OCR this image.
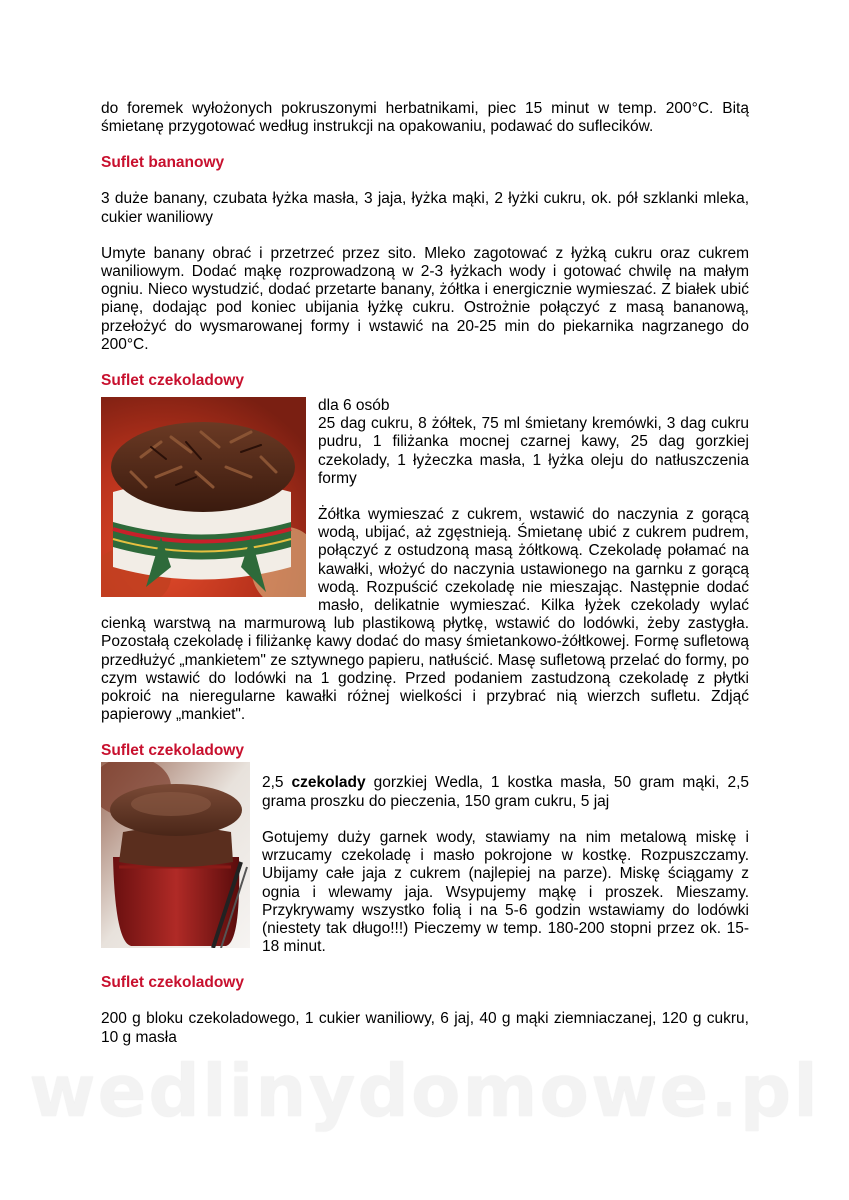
do foremek wyłożonych pokruszonymi herbatnikami, piec 15 minut w temp. 200°C. Bitą śmietanę przygotować według instrukcji na opakowaniu, podawać do suflecików.

Suflet bananowy

3 duże banany, czubata łyżka masła, 3 jaja, łyżka mąki, 2 łyżki cukru, ok. pół szklanki mleka, cukier waniliowy

Umyte banany obrać i przetrzeć przez sito. Mleko zagotować z łyżką cukru oraz cukrem waniliowym. Dodać mąkę rozprowadzoną w 2-3 łyżkach wody i gotować chwilę na małym ogniu. Nieco wystudzić, dodać przetarte banany, żółtka i energicznie wymieszać. Z białek ubić pianę, dodając pod koniec ubijania łyżkę cukru. Ostrożnie połączyć z masą bananową, przełożyć do wysmarowanej formy i wstawić na 20-25 min do piekarnika nagrzanego do 200°C.

Suflet czekoladowy

dla 6 osób

25 dag cukru, 8 żółtek, 75 ml śmietany kremówki, 3 dag cukru pudru, 1 filiżanka mocnej czarnej kawy, 25 dag gorzkiej czekolady, 1 łyżeczka masła, 1 łyżka oleju do natłuszczenia formy

Żółtka wymieszać z cukrem, wstawić do naczynia z gorącą wodą, ubijać, aż zgęstnieją. Śmietanę ubić z cukrem pudrem, połączyć z ostudzoną masą żółtkową. Czekoladę połamać na kawałki, włożyć do naczynia ustawionego na garnku z gorącą wodą. Rozpuścić czekoladę nie mieszając. Następnie dodać masło, delikatnie wymieszać. Kilka łyżek czekolady wylać cienką warstwą na marmurową lub plastikową płytkę, wstawić do lodówki, żeby zastygła. Pozostałą czekoladę i filiżankę kawy dodać do masy śmietankowo-żółtkowej. Formę sufletową przedłużyć „mankietem" ze sztywnego papieru, natłuścić. Masę sufletową przelać do formy, po czym wstawić do lodówki na 1 godzinę. Przed podaniem zastudzoną czekoladę z płytki pokroić na nieregularne kawałki różnej wielkości i przybrać nią wierzch sufletu. Zdjąć papierowy „mankiet".

Suflet czekoladowy

2,5 czekolady gorzkiej Wedla, 1 kostka masła, 50 gram mąki, 2,5 grama proszku do pieczenia, 150 gram cukru, 5 jaj

Gotujemy duży garnek wody, stawiamy na nim metalową miskę i wrzucamy czekoladę i masło pokrojone w kostkę. Rozpuszczamy. Ubijamy całe jaja z cukrem (najlepiej na parze). Miskę ściągamy z ognia i wlewamy jaja. Wsypujemy mąkę i proszek. Mieszamy. Przykrywamy wszystko folią i na 5-6 godzin wstawiamy do lodówki (niestety tak długo!!!) Pieczemy w temp. 180-200 stopni przez ok. 15-18 minut.

Suflet czekoladowy

200 g bloku czekoladowego, 1 cukier waniliowy, 6 jaj, 40 g mąki ziemniaczanej, 120 g cukru, 10 g masła

wedlinydomowe.pl
